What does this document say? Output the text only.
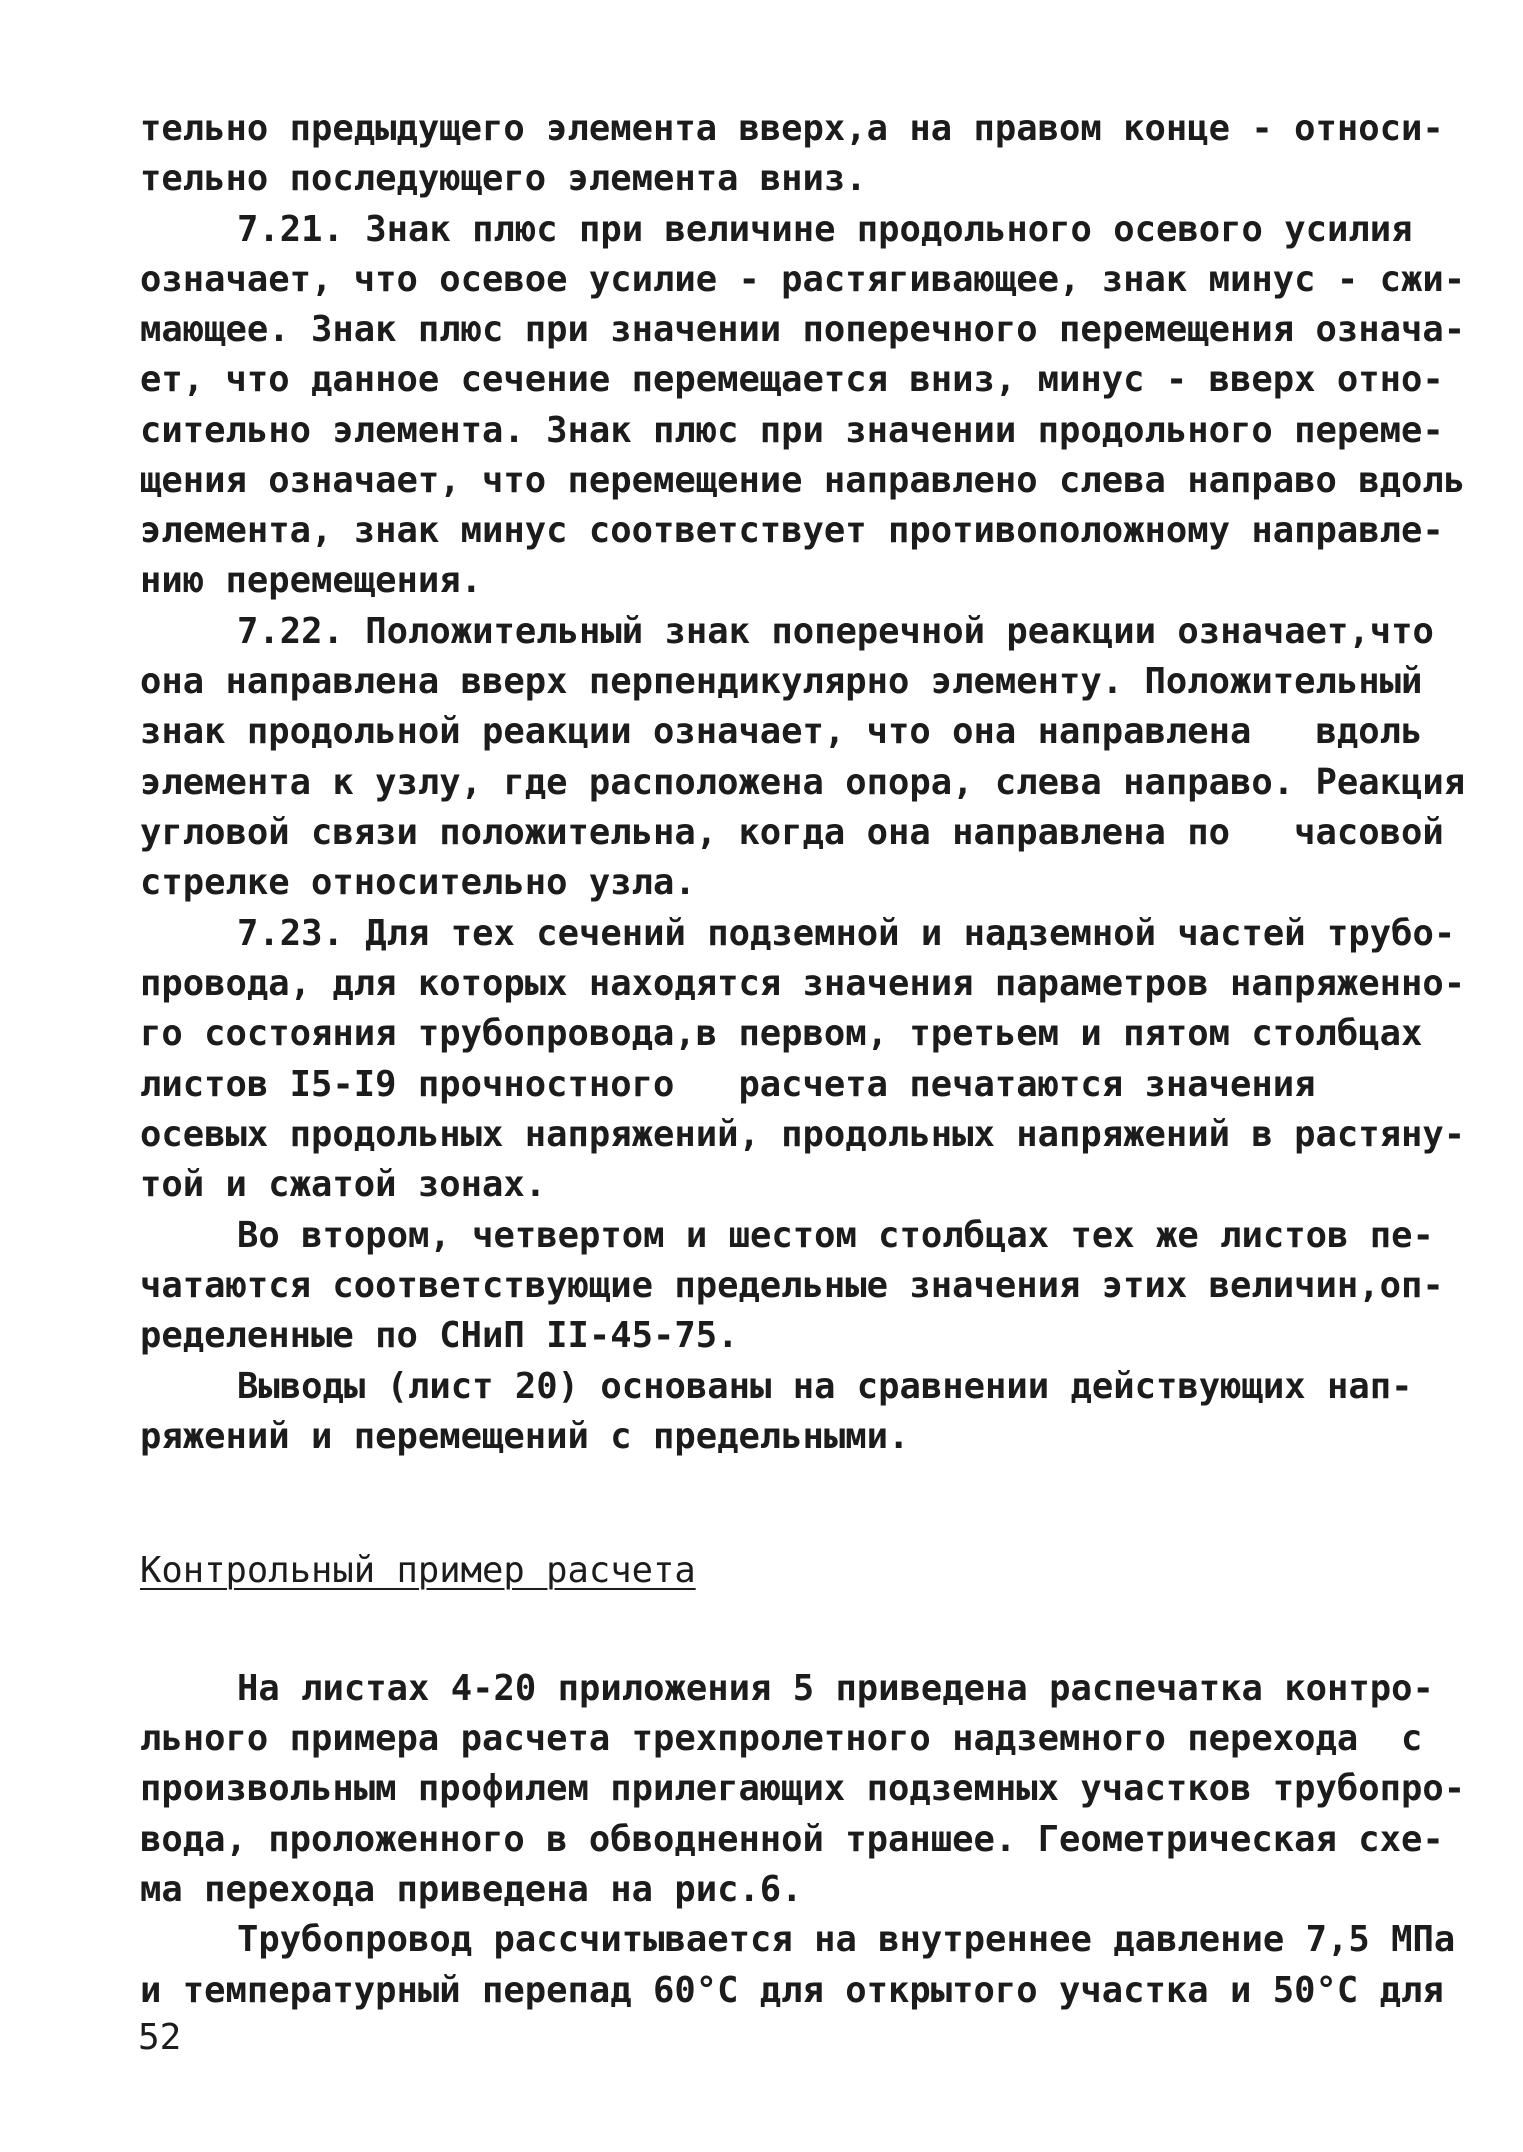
тельно предыдущего элемента вверх,а на правом конце - относи-
тельно последующего элемента вниз.
7.21. Знак плюс при величине продольного осевого усилия
означает, что осевое усилие - растягивающее, знак минус - сжи-
мающее. Знак плюс при значении поперечного перемещения означа-
ет, что данное сечение перемещается вниз, минус - вверх отно-
сительно элемента. Знак плюс при значении продольного переме-
щения означает, что перемещение направлено слева направо вдоль
элемента, знак минус соответствует противоположному направле-
нию перемещения.
7.22. Положительный знак поперечной реакции означает,что
она направлена вверх перпендикулярно элементу. Положительный
знак продольной реакции означает, что она направлена   вдоль
элемента к узлу, где расположена опора, слева направо. Реакция
угловой связи положительна, когда она направлена по   часовой
стрелке относительно узла.
7.23. Для тех сечений подземной и надземной частей трубо-
провода, для которых находятся значения параметров напряженно-
го состояния трубопровода,в первом, третьем и пятом столбцах
листов I5-I9 прочностного   расчета печатаются значения
осевых продольных напряжений, продольных напряжений в растяну-
той и сжатой зонах.
Во втором, четвертом и шестом столбцах тех же листов пе-
чатаются соответствующие предельные значения этих величин,оп-
ределенные по СНиП II-45-75.
Выводы (лист 20) основаны на сравнении действующих нап-
ряжений и перемещений с предельными.
Контрольный пример расчета
На листах 4-20 приложения 5 приведена распечатка контро-
льного примера расчета трехпролетного надземного перехода  с
произвольным профилем прилегающих подземных участков трубопро-
вода, проложенного в обводненной траншее. Геометрическая схе-
ма перехода приведена на рис.6.
Трубопровод рассчитывается на внутреннее давление 7,5 МПа
и температурный перепад 60°С для открытого участка и 50°С для
52
